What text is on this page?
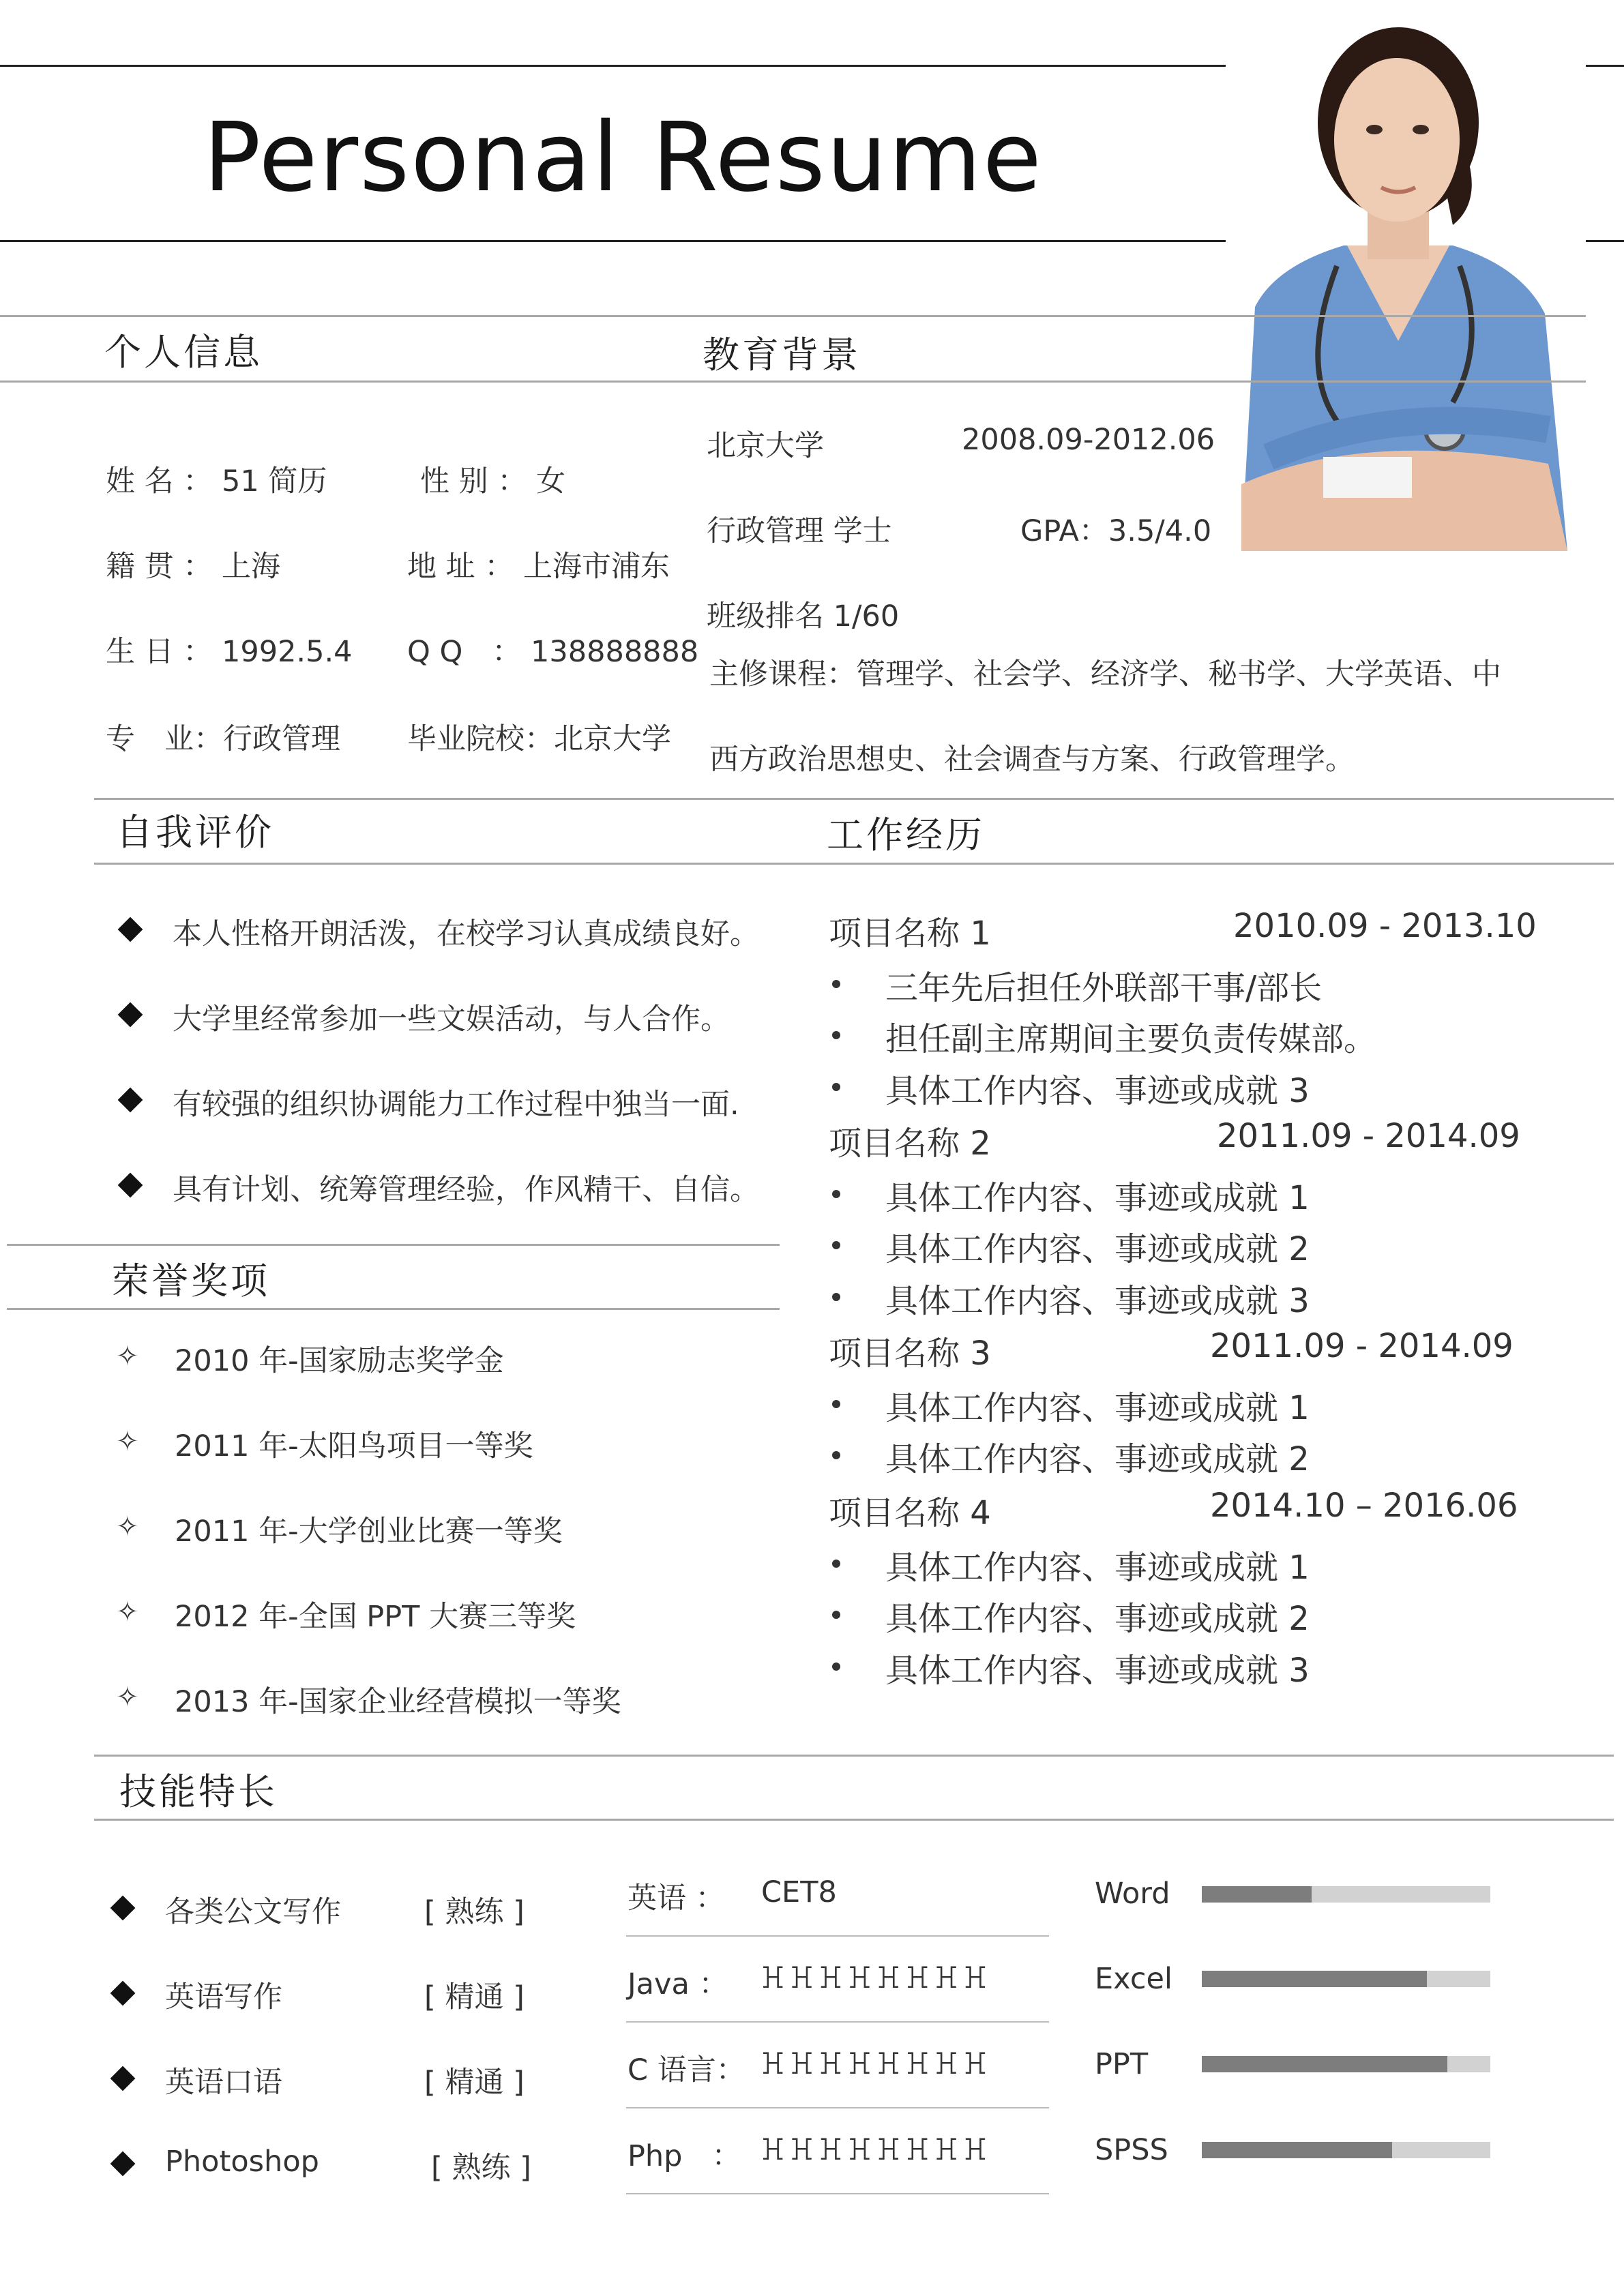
Personal Resume
个人信息	教育背景
姓 名 ： 51 简历	性 别 ： 女
籍 贯 ： 上海	地 址 ： 上海市浦东
生 日 ： 1992.5.4 Q Q　： 138888888
专　业：行政管理 毕业院校：北京大学
北京大学	2008.09-2012.06
行政管理 学士	GPA：3.5/4.0
班级排名 1/60
主修课程：管理学、社会学、经济学、秘书学、大学英语、中
西方政治思想史、社会调查与方案、行政管理学。
自我评价	工作经历
本人性格开朗活泼，在校学习认真成绩良好。
大学里经常参加一些文娱活动，与人合作。
有较强的组织协调能力工作过程中独当一面.
具有计划、统筹管理经验，作风精干、自信。
荣誉奖项
✧ 2010 年-国家励志奖学金
✧ 2011 年-太阳鸟项目一等奖
✧ 2011 年-大学创业比赛一等奖
✧ 2012 年-全国 PPT 大赛三等奖
✧ 2013 年-国家企业经营模拟一等奖
项目名称 1	2010.09 - 2013.10
三年先后担任外联部干事/部长
担任副主席期间主要负责传媒部。
具体工作内容、事迹或成就 3
项目名称 2	2011.09 - 2014.09
具体工作内容、事迹或成就 1
具体工作内容、事迹或成就 2
具体工作内容、事迹或成就 3
项目名称 3	2011.09 - 2014.09
具体工作内容、事迹或成就 1
具体工作内容、事迹或成就 2
项目名称 4	2014.10 – 2016.06
具体工作内容、事迹或成就 1
具体工作内容、事迹或成就 2
具体工作内容、事迹或成就 3
技能特长
各类公文写作	[ 熟练 ]
英语写作	[ 精通 ]
英语口语	[ 精通 ]
Photoshop	[ 熟练 ]
英语 ： CET8
Java ： ꖾꖾꖾꖾꖾꖾꖾꖾ
C 语言： ꖾꖾꖾꖾꖾꖾꖾꖾ
Php　： ꖾꖾꖾꖾꖾꖾꖾꖾ
Word
Excel
PPT
SPSS
